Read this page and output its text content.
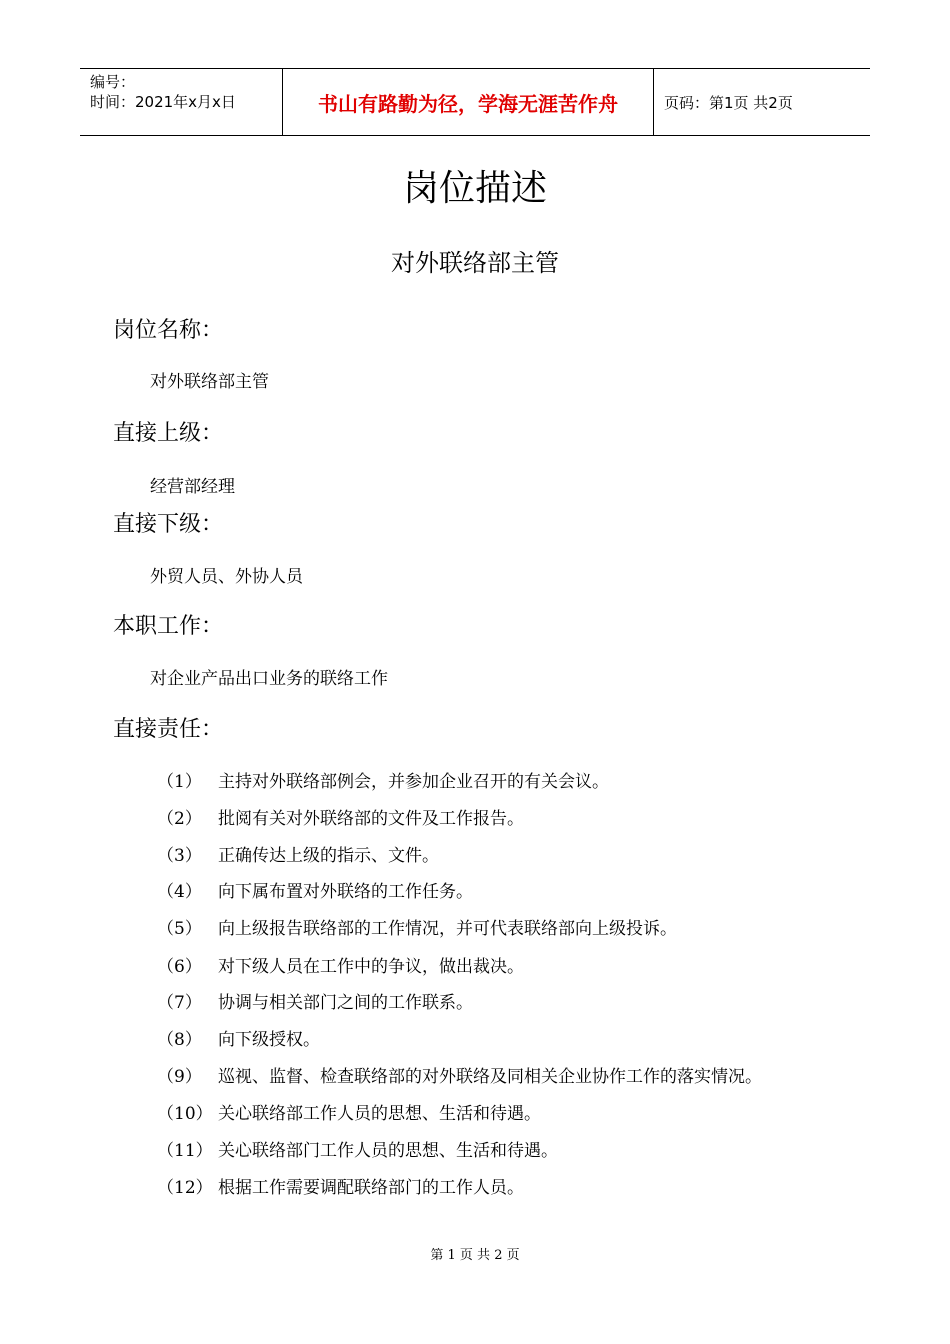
编号：
时间：2021年x月x日	书山有路勤为径，学海无涯苦作舟	页码：第1页 共2页
岗位描述
对外联络部主管
岗位名称：
对外联络部主管
直接上级：
经营部经理
直接下级：
外贸人员、外协人员
本职工作：
对企业产品出口业务的联络工作
直接责任：
（1） 主持对外联络部例会，并参加企业召开的有关会议。
（2） 批阅有关对外联络部的文件及工作报告。
（3） 正确传达上级的指示、文件。
（4） 向下属布置对外联络的工作任务。
（5） 向上级报告联络部的工作情况，并可代表联络部向上级投诉。
（6） 对下级人员在工作中的争议，做出裁决。
（7） 协调与相关部门之间的工作联系。
（8） 向下级授权。
（9） 巡视、监督、检查联络部的对外联络及同相关企业协作工作的落实情况。
（10） 关心联络部工作人员的思想、生活和待遇。
（11） 关心联络部门工作人员的思想、生活和待遇。
（12） 根据工作需要调配联络部门的工作人员。
第 1 页 共 2 页
